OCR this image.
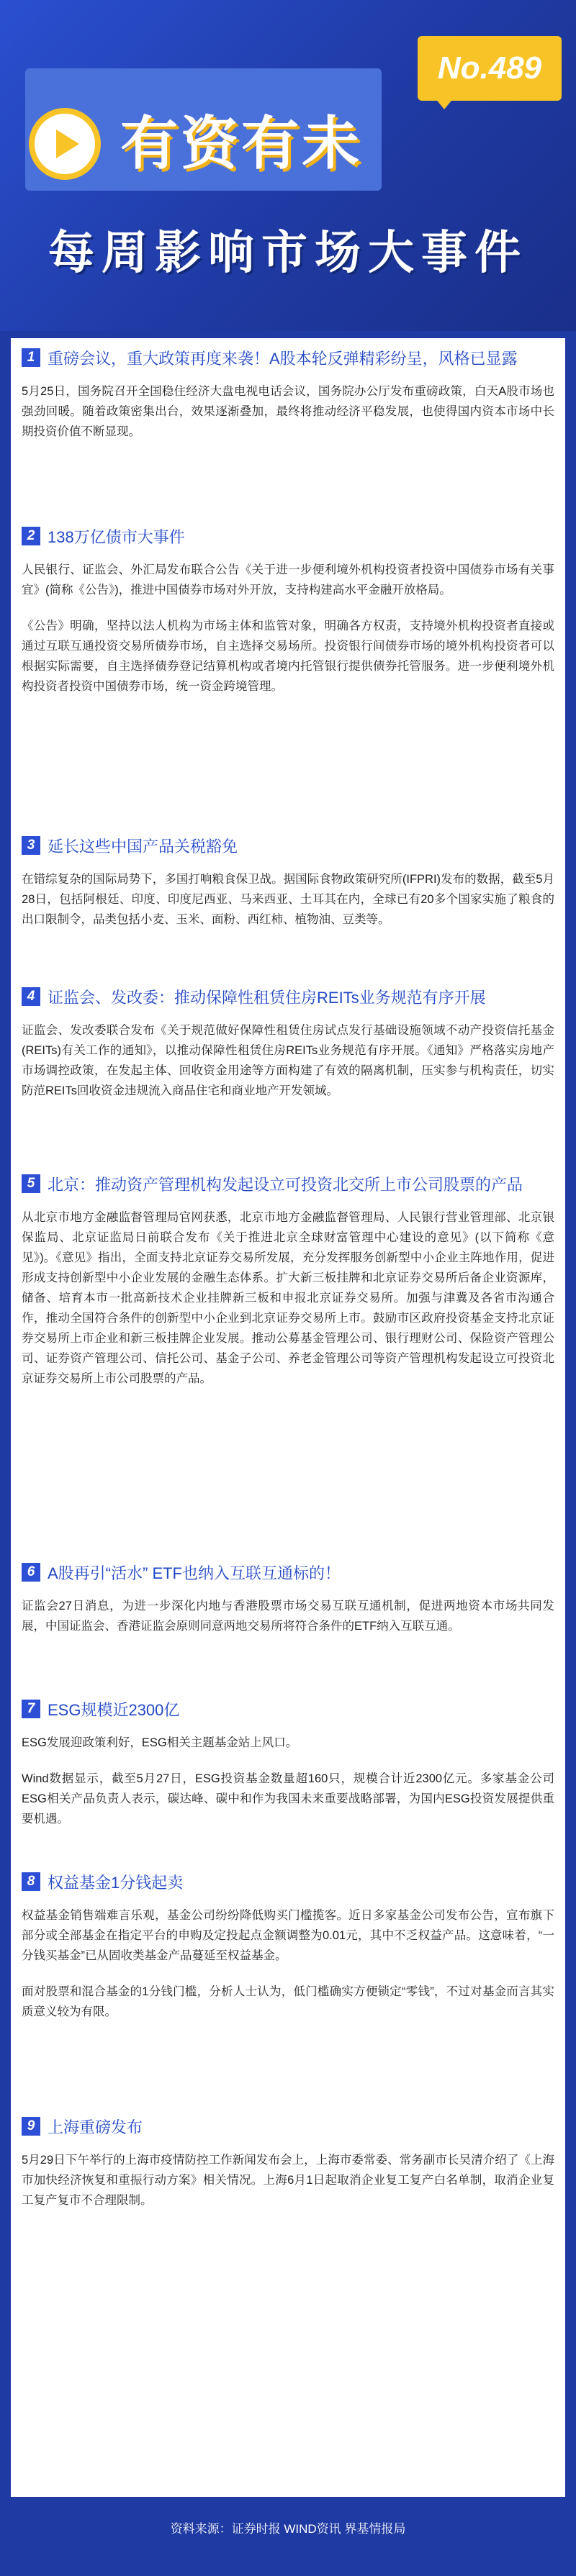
No.489
有资有未
每周影响市场大事件
1 重磅会议，重大政策再度来袭！A股本轮反弹精彩纷呈，风格已显露

5月25日，国务院召开全国稳住经济大盘电视电话会议，国务院办公厅发布重磅政策，白天A股市场也强劲回暖。随着政策密集出台，效果逐渐叠加，最终将推动经济平稳发展，也使得国内资本市场中长期投资价值不断显现。

2 138万亿债市大事件

人民银行、证监会、外汇局发布联合公告《关于进一步便利境外机构投资者投资中国债券市场有关事宜》(简称《公告》)，推进中国债券市场对外开放，支持构建高水平金融开放格局。

《公告》明确，坚持以法人机构为市场主体和监管对象，明确各方权责，支持境外机构投资者直接或通过互联互通投资交易所债券市场，自主选择交易场所。投资银行间债券市场的境外机构投资者可以根据实际需要，自主选择债券登记结算机构或者境内托管银行提供债券托管服务。进一步便利境外机构投资者投资中国债券市场，统一资金跨境管理。

3 延长这些中国产品关税豁免

在错综复杂的国际局势下，多国打响粮食保卫战。据国际食物政策研究所(IFPRI)发布的数据，截至5月28日，包括阿根廷、印度、印度尼西亚、马来西亚、土耳其在内，全球已有20多个国家实施了粮食的出口限制令，品类包括小麦、玉米、面粉、西红柿、植物油、豆类等。

4 证监会、发改委：推动保障性租赁住房REITs业务规范有序开展

证监会、发改委联合发布《关于规范做好保障性租赁住房试点发行基础设施领域不动产投资信托基金(REITs)有关工作的通知》，以推动保障性租赁住房REITs业务规范有序开展。《通知》严格落实房地产市场调控政策，在发起主体、回收资金用途等方面构建了有效的隔离机制，压实参与机构责任，切实防范REITs回收资金违规流入商品住宅和商业地产开发领域。

5 北京：推动资产管理机构发起设立可投资北交所上市公司股票的产品

从北京市地方金融监督管理局官网获悉，北京市地方金融监督管理局、人民银行营业管理部、北京银保监局、北京证监局日前联合发布《关于推进北京全球财富管理中心建设的意见》(以下简称《意见》)。《意见》指出，全面支持北京证券交易所发展，充分发挥服务创新型中小企业主阵地作用，促进形成支持创新型中小企业发展的金融生态体系。扩大新三板挂牌和北京证券交易所后备企业资源库，储备、培育本市一批高新技术企业挂牌新三板和申报北京证券交易所。加强与津冀及各省市沟通合作，推动全国符合条件的创新型中小企业到北京证券交易所上市。鼓励市区政府投资基金支持北京证券交易所上市企业和新三板挂牌企业发展。推动公募基金管理公司、银行理财公司、保险资产管理公司、证券资产管理公司、信托公司、基金子公司、养老金管理公司等资产管理机构发起设立可投资北京证券交易所上市公司股票的产品。

6 A股再引“活水” ETF也纳入互联互通标的！

证监会27日消息，为进一步深化内地与香港股票市场交易互联互通机制，促进两地资本市场共同发展，中国证监会、香港证监会原则同意两地交易所将符合条件的ETF纳入互联互通。

7 ESG规模近2300亿

ESG发展迎政策利好，ESG相关主题基金站上风口。

Wind数据显示，截至5月27日，ESG投资基金数量超160只，规模合计近2300亿元。多家基金公司ESG相关产品负责人表示，碳达峰、碳中和作为我国未来重要战略部署，为国内ESG投资发展提供重要机遇。

8 权益基金1分钱起卖

权益基金销售端难言乐观，基金公司纷纷降低购买门槛揽客。近日多家基金公司发布公告，宣布旗下部分或全部基金在指定平台的申购及定投起点金额调整为0.01元，其中不乏权益产品。这意味着，“一分钱买基金”已从固收类基金产品蔓延至权益基金。

面对股票和混合基金的1分钱门槛，分析人士认为，低门槛确实方便锁定“零钱”，不过对基金而言其实质意义较为有限。

9 上海重磅发布

5月29日下午举行的上海市疫情防控工作新闻发布会上，上海市委常委、常务副市长吴清介绍了《上海市加快经济恢复和重振行动方案》相关情况。上海6月1日起取消企业复工复产白名单制，取消企业复工复产复市不合理限制。

资料来源：证券时报 WIND资讯 界基情报局
